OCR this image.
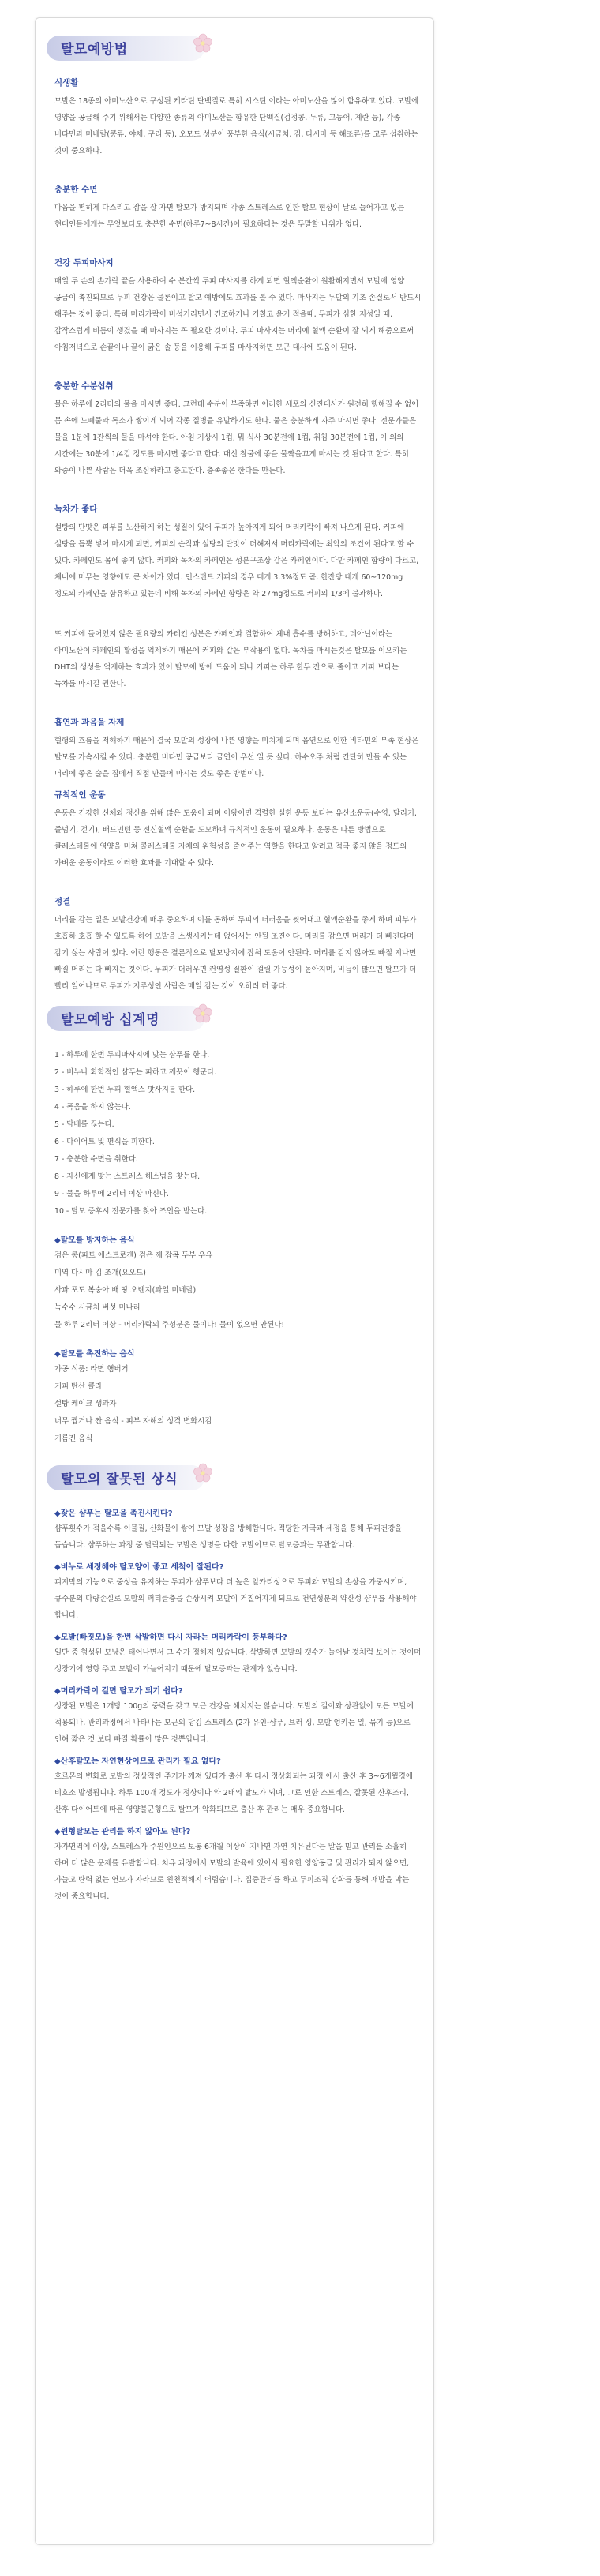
탈모예방법
식생활
모발은 18종의 아미노산으로 구성된 케라틴 단백질로 특히 시스틴 이라는 아미노산을 많이 함유하고 있다. 모발에 영양을 공급해 주기 위해서는 다양한 종류의 아미노산을 함유한 단백질(검정콩, 두류, 고등어, 계란 등), 각종 비타민과 미네랄(콩류, 야채, 구리 등), 오모드 성분이 풍부한 음식(시금치, 김, 다시마 등 해조류)를 고루 섭취하는 것이 중요하다.
충분한 수면
마음을 편히게 다스리고 잠을 잘 자면 탈모가 방지되며 각종 스트레스로 인한 탈모 현상이 날로 늘어가고 있는 현대인들에게는 무엇보다도 충분한 수면(하루7~8시간)이 필요하다는 것은 두말할 나위가 없다.
건강 두피마사지
매일 두 손의 손가락 끝을 사용하여 수 분간씩 두피 마사지를 하게 되면 혈액순환이 원활해지면서 모발에 영양 공급이 촉진되므로 두피 건강은 물론이고 탈모 예방에도 효과를 볼 수 있다. 마사지는 두발의 기초 손질로서 반드시 해주는 것이 좋다. 특히 머리카락이 버석거리면서 건조하거나 거칠고 윤기 적을때, 두피가 심한 지성일 때, 갑작스럽게 비듬이 생겼을 때 마사지는 꼭 필요한 것이다. 두피 마사지는 머리에 혈액 순환이 잘 되게 해줌으로써 아침저녁으로 손끝이나 끝이 굵은 솔 등을 이용해 두피를 마사지하면 모근 대사에 도움이 된다.
충분한 수분섭취
물은 하루에 2리터의 물을 마시면 좋다. 그런데 수분이 부족하면 이러한 세포의 신진대사가 원전히 행해질 수 없어 몸 속에 노폐물과 독소가 쌓이게 되어 각종 질병을 유발하기도 한다. 물은 충분하게 자주 마시면 좋다. 전문가들은 물을 1분에 1잔씩의 물을 마셔야 한다. 아침 기상시 1컵, 뭐 식사 30분전에 1컵, 취침 30분전에 1컵, 이 외의 시간에는 30분에 1/4컵 정도를 마시면 좋다고 한다. 대신 찰물에 좋을 물짝을끄게 마시는 것 된다고 한다. 특히 와중이 나쁜 사람은 더욱 조심하라고 충고한다. 충족좋은 한다를 만든다.
녹차가 좋다
설탕의 단맛은 피부를 노산하게 하는 성질이 있어 두피가 높아지게 되어 머리카락이 빠져 나오게 된다. 커피에 설탕을 듬뿍 넣어 마시게 되면, 커피의 순작과 설탕의 단맛이 더해져서 머리카락에는 최악의 조건이 된다고 할 수 있다. 카페인도 몸에 좋지 않다. 커피와 녹차의 카페인은 성분구조상 같은 카페인이다. 다만 카페인 함량이 다르고, 체내에 머무는 영향에도 큰 차이가 있다. 인스턴트 커피의 경우 대개 3.3%정도 곧, 한잔당 대개 60~120mg 정도의 카페인을 함유하고 있는데 비해 녹차의 카페인 함량은 약 27mg정도로 커피의 1/3에 불과하다.
또 커피에 들어있지 않은 필요량의 카테킨 성분은 카페인과 결합하여 체내 흡수를 방해하고, 데아닌이라는 아미노산이 카페인의 활성을 억제하기 때문에 커피와 같은 부작용이 없다. 녹차를 마시는것은 탈모를 이으키는 DHT의 생성을 억제하는 효과가 있어 탈모에 방에 도움이 되나 커피는 하루 한두 잔으로 줄이고 커피 보다는 녹차를 마시길 권한다.
흡연과 과음을 자제
혈행의 흐름을 저해하기 때문에 결국 모발의 성장에 나쁜 영향을 미치게 되며 음연으로 인한 비타민의 부족 현상은 탈모를 가속시킬 수 있다. 충분한 비타민 공급보다 금연이 우선 일 듯 싶다. 하수오주 처럼 간단히 만들 수 있는 머리에 좋은 술을 집에서 직접 만들어 마시는 것도 좋은 방법이다.
규칙적인 운동
운동은 건강한 신체와 정신을 위해 많은 도움이 되며 이왕이면 격렬한 실한 운동 보다는 유산소운동(수영, 달리기, 줄넘기, 걷기), 배드민턴 등 전신혈액 순환을 도모하며 규칙적인 운동이 필요하다. 운동은 다른 방법으로 클레스테롤에 영양을 미쳐 콜레스테롤 자체의 위험성을 줄여주는 역할을 한다고 알려고 적극 좋지 않을 정도의 가벼운 운동이라도 이러한 효과를 기대할 수 있다.
정결
머리를 감는 일은 모발건강에 매우 중요하며 이를 통하여 두피의 더러움을 씻어내고 혈액순환을 좋게 하며 피부가 호흡하 호흡 할 수 있도록 하여 모발을 소생시키는데 없어서는 안될 조건이다. 머리를 감으면 머리가 더 빠진다며 감기 싫는 사람이 있다. 이런 행동은 결론적으로 탈모방지에 잡혀 도움이 안된다. 머리를 감지 않아도 빠질 지나면 빠질 머리는 다 빠지는 것이다. 두피가 더러우면 컨염성 질환이 걸릴 가능성이 높아지며, 비듬이 많으면 탈모가 더 빨리 일어나므로 두피가 지루성인 사람은 매일 감는 것이 오히려 더 좋다.
탈모예방 십계명
1 - 하루에 한번 두피마사지에 맞는 샴푸를 한다.
2 - 비누나 화학적인 샴푸는 피하고 깨끗이 헹군다.
3 - 하루에 한번 두피 혈액스 맛사지를 한다.
4 - 폭음을 하지 않는다.
5 - 담배를 끊는다.
6 - 다이어트 및 편식을 피한다.
7 - 충분한 수면을 취한다.
8 - 자신에게 맞는 스트레스 해소법을 찾는다.
9 - 물을 하루에 2리터 이상 마신다.
10 - 탈모 증후시 전문가를 찾아 조언을 받는다.
◆탈모를 방지하는 음식
검은 콩(피토 에스트로겐) 검은 깨 잡곡 두부 우유
미역 다시마 김 조개(요오드)
사과 포도 복숭아 배 땅 오렌지(과일 미네랄)
녹수수 시금치 버섯 미나리
물 하루 2리터 이상 - 머리카락의 주성분은 물이다! 물이 없으면 안된다!
◆탈모를 촉진하는 음식
가공 식품: 라면 햄버거
커피 탄산 콜라
설탕 케이크 생과자
너무 짭거나 짠 음식 - 피부 자해의 성격 변화시킴
기름진 음식
탈모의 잘못된 상식
◆잦은 샴푸는 탈모을 촉진시킨다?
샴푸횟수가 적을수록 이물질, 산화물이 쌓여 모발 성장을 방해합니다. 적당한 자극과 세정을 통해 두피건강을 돕습니다. 샴푸하는 과정 중 탈락되는 모발은 생명을 다한 모발이므로 탈모증과는 무관합니다.
◆비누로 세정해야 탈모양이 좋고 세척이 잘된다?
피지막의 기능으로 중성을 유지하는 두피가 샴푸보다 더 높은 알카리성으로 두피와 모발의 손상을 가중시키며, 큐수분의 다량손실로 모발의 퍼티클층을 손상시켜 모발이 거칠어지게 되므로 천연성분의 약산성 샴푸를 사용해야 합니다.
◆모발(빠짓모)을 한번 삭발하면 다시 자라는 머리카락이 풍부하다?
일단 중 형성된 모낭은 태어나면서 그 수가 정해져 있습니다. 삭발하면 모발의 갯수가 늘어날 것처럼 보이는 것이며 성장기에 영향 주고 모발이 가늘어지기 때문에 탈모증과는 관계가 없습니다.
◆머리카락이 길면 탈모가 되기 쉽다?
성장된 모발은 1개당 100g의 중력을 갖고 모근 건강을 해치지는 않습니다. 모발의 길이와 상관없이 모든 모발에 적용되나, 관리과정에서 나타나는 모근의 당김 스트레스 (2가 유인-샴푸, 브러 싱, 모발 엉키는 일, 묶기 등)으로 인해 짧은 것 보다 빠질 확률이 많은 것뿐입니다.
◆산후탈모는 자연현상이므로 관리가 필요 없다?
호르몬의 변화로 모발의 정상적인 주기가 깨져 있다가 출산 후 다시 정상화되는 과정 에서 출산 후 3~6개월경에 비호소 발생됩니다. 하루 100개 정도가 정상이나 약 2배의 탈모가 되며, 그로 인한 스트레스, 잘못된 산후조리, 산후 다이어트에 따른 영양불균형으로 탈모가 악화되므로 출산 후 관리는 매우 중요합니다.
◆원형탈모는 관리를 하지 않아도 된다?
자가면역에 이상, 스트레스가 주원인으로 보통 6개월 이상이 지나면 자연 치유된다는 말을 믿고 관리를 소홀히 하며 더 많은 문제를 유발합니다. 치유 과정에서 모발의 발육에 있어서 필요한 영양공급 및 관리가 되지 않으면, 가늘고 탄력 없는 연모가 자라므로 원천적해지 어렵습니다. 집중관리를 하고 두피조직 강화를 통해 재발을 막는 것이 중요합니다.
